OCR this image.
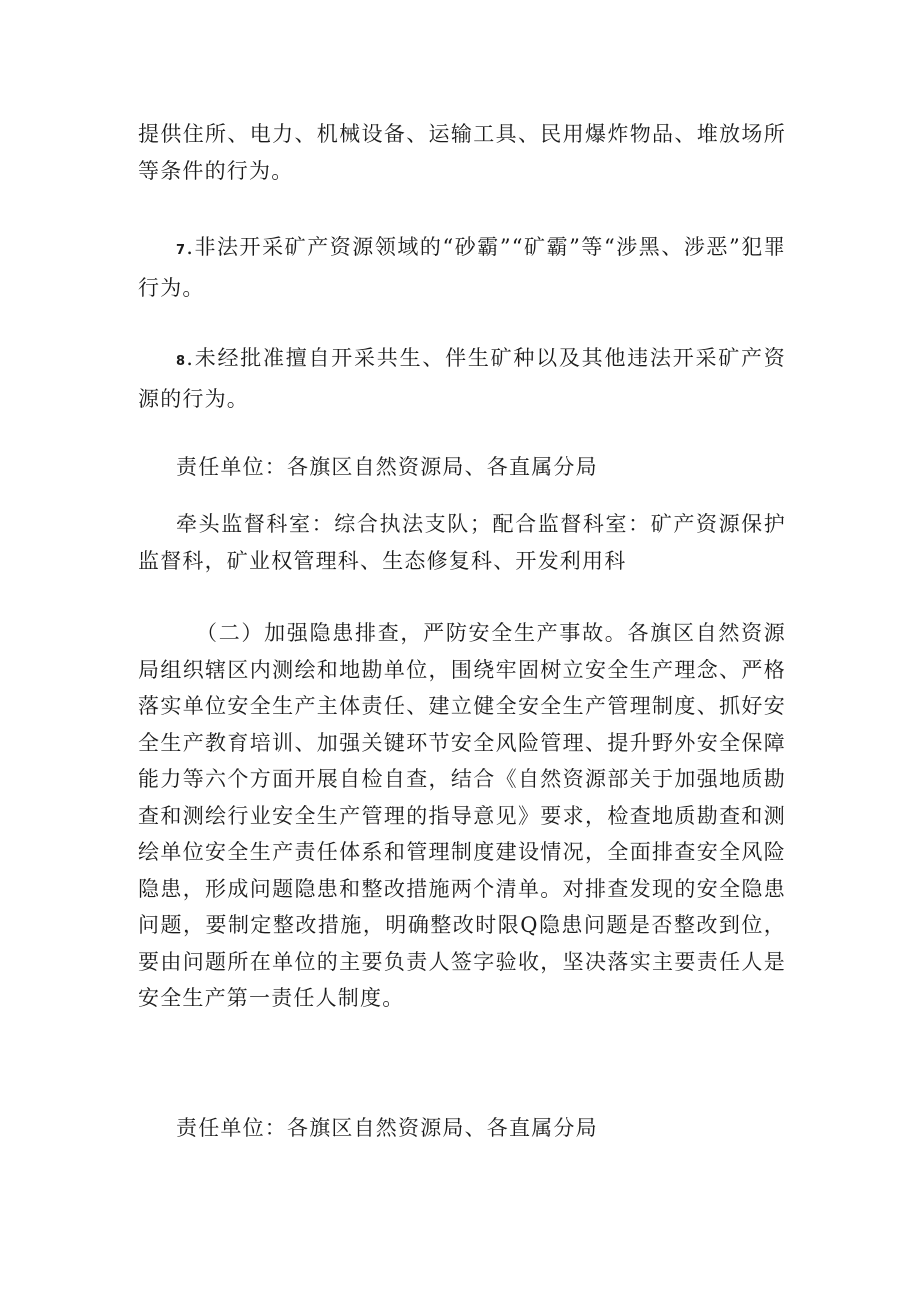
提供住所、电力、机械设备、运输工具、民用爆炸物品、堆放场所等条件的行为。

7.非法开采矿产资源领域的“砂霸”“矿霸”等“涉黑、涉恶”犯罪行为。

8.未经批准擅自开采共生、伴生矿种以及其他违法开采矿产资源的行为。

责任单位：各旗区自然资源局、各直属分局

牵头监督科室：综合执法支队；配合监督科室：矿产资源保护监督科，矿业权管理科、生态修复科、开发利用科

（二）加强隐患排查，严防安全生产事故。各旗区自然资源局组织辖区内测绘和地勘单位，围绕牢固树立安全生产理念、严格落实单位安全生产主体责任、建立健全安全生产管理制度、抓好安全生产教育培训、加强关键环节安全风险管理、提升野外安全保障能力等六个方面开展自检自查，结合《自然资源部关于加强地质勘查和测绘行业安全生产管理的指导意见》要求，检查地质勘查和测绘单位安全生产责任体系和管理制度建设情况，全面排查安全风险隐患，形成问题隐患和整改措施两个清单。对排查发现的安全隐患问题，要制定整改措施，明确整改时限Q隐患问题是否整改到位，要由问题所在单位的主要负责人签字验收，坚决落实主要责任人是安全生产第一责任人制度。

责任单位：各旗区自然资源局、各直属分局
